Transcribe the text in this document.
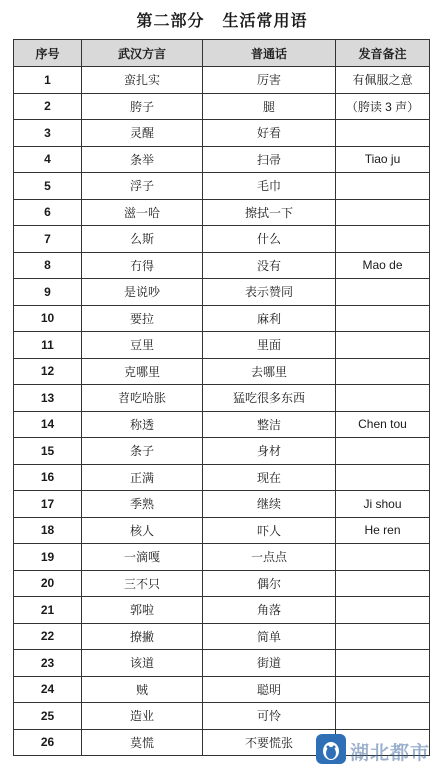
第二部分 生活常用语
序号	武汉方言	普通话	发音备注
1	蛮扎实	厉害	有佩服之意
2	胯子	腿	（胯读 3 声）
3	灵醒	好看	
4	条举	扫帚	Tiao ju
5	浮子	毛巾	
6	滋一哈	擦拭一下	
7	么斯	什么	
8	冇得	没有	Mao de
9	是说吵	表示赞同	
10	要拉	麻利	
11	豆里	里面	
12	克哪里	去哪里	
13	苕吃哈胀	猛吃很多东西	
14	称透	整洁	Chen tou
15	条子	身材	
16	正满	现在	
17	季熟	继续	Ji shou
18	核人	吓人	He ren
19	一滴嘎	一点点	
20	三不只	偶尔	
21	郭啦	角落	
22	撩撇	简单	
23	该道	街道	
24	贼	聪明	
25	造业	可怜	
26	莫慌	不要慌张		湖北都市
